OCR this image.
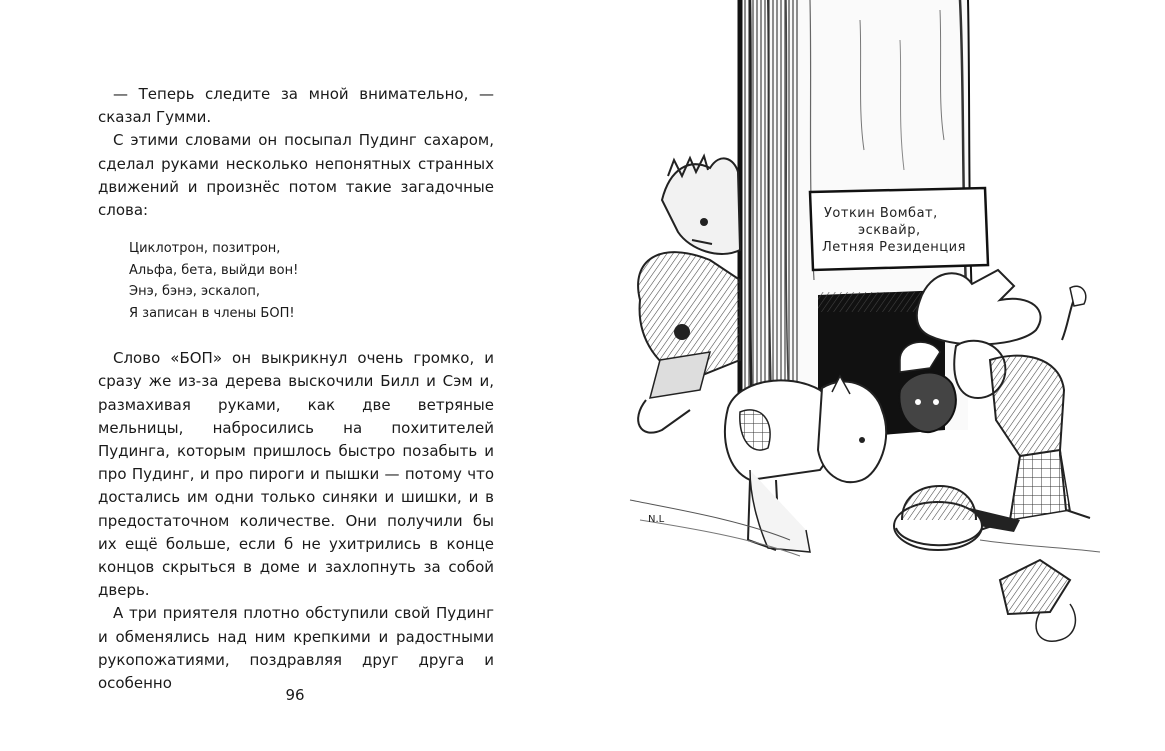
— Теперь следите за мной внимательно, — сказал Гумми.

С этими словами он посыпал Пудинг сахаром, сделал руками несколько непонятных странных движений и произнёс потом такие загадочные слова:

Циклотрон, позитрон,
Альфа, бета, выйди вон!
Энэ, бэнэ, эскалоп,
Я записан в члены БОП!

Слово «БОП» он выкрикнул очень громко, и сразу же из-за дерева выскочили Билл и Сэм и, размахивая руками, как две ветряные мельницы, набросились на похитителей Пудинга, которым пришлось быстро позабыть и про Пудинг, и про пироги и пышки — потому что достались им одни только синяки и шишки, и в предостаточном количестве. Они получили бы их ещё больше, если б не ухитрились в конце концов скрыться в доме и захлопнуть за собой дверь.

А три приятеля плотно обступили свой Пудинг и обменялись над ним крепкими и радостными рукопожатиями, поздравляя друг друга и особенно

96
Уоткин Вомбат,
эсквайр,
Летняя Резиденция
N.L
